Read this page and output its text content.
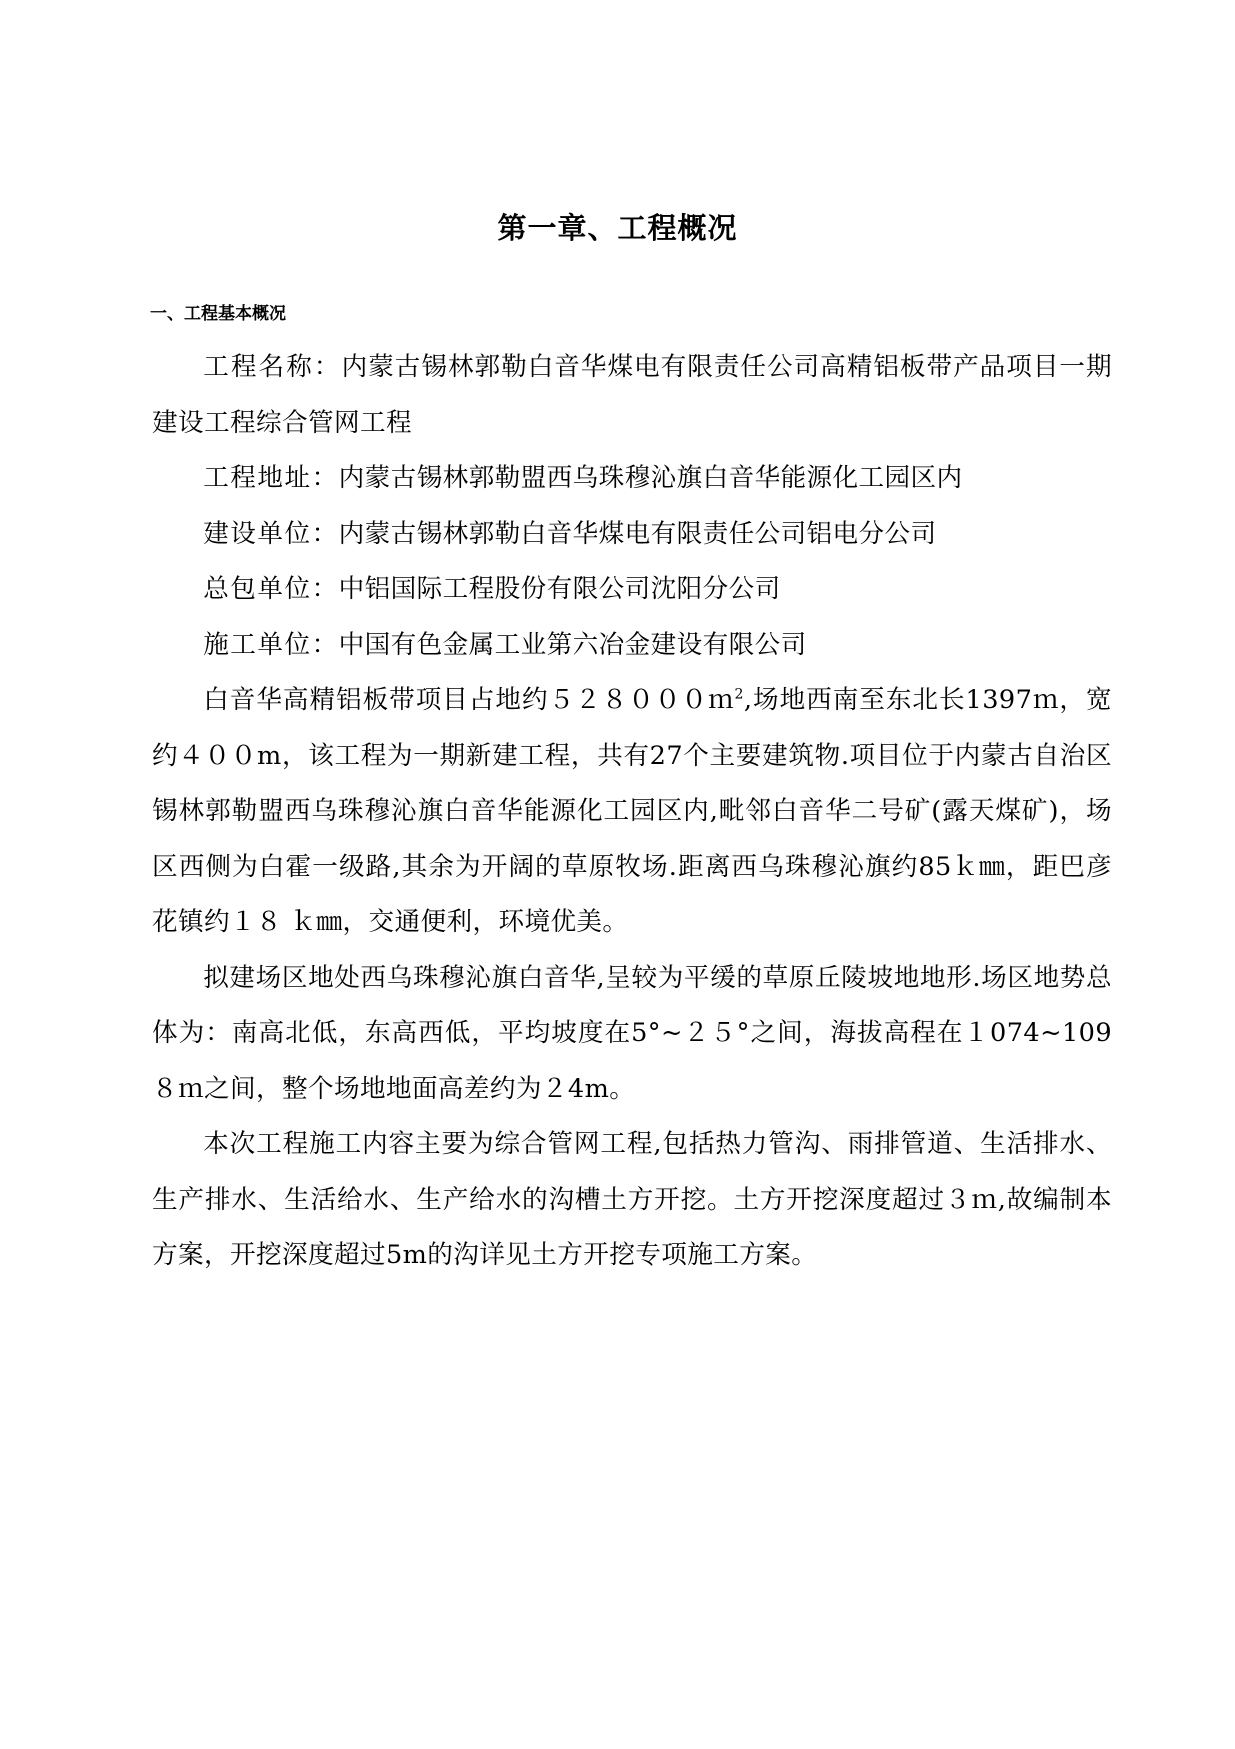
第一章、工程概况
一、工程基本概况

工程名称：内蒙古锡林郭勒白音华煤电有限责任公司高精铝板带产品项目一期建设工程综合管网工程

工程地址：内蒙古锡林郭勒盟西乌珠穆沁旗白音华能源化工园区内

建设单位：内蒙古锡林郭勒白音华煤电有限责任公司铝电分公司

总包单位：中铝国际工程股份有限公司沈阳分公司

施工单位：中国有色金属工业第六冶金建设有限公司

白音华高精铝板带项目占地约５２８０００ｍ$^2$,场地西南至东北长1397ｍ，宽约４００m，该工程为一期新建工程，共有27个主要建筑物.项目位于内蒙古自治区锡林郭勒盟西乌珠穆沁旗白音华能源化工园区内,毗邻白音华二号矿(露天煤矿)，场区西侧为白霍一级路,其余为开阔的草原牧场.距离西乌珠穆沁旗约85ｋ㎜，距巴彦花镇约１８ ｋ㎜，交通便利，环境优美。

拟建场区地处西乌珠穆沁旗白音华,呈较为平缓的草原丘陵坡地地形.场区地势总体为：南高北低，东高西低，平均坡度在5°~２５°之间，海拔高程在１074~109８ｍ之间，整个场地地面高差约为２4m。

本次工程施工内容主要为综合管网工程,包括热力管沟、雨排管道、生活排水、生产排水、生活给水、生产给水的沟槽土方开挖。土方开挖深度超过３ｍ,故编制本方案，开挖深度超过5m的沟详见土方开挖专项施工方案。
